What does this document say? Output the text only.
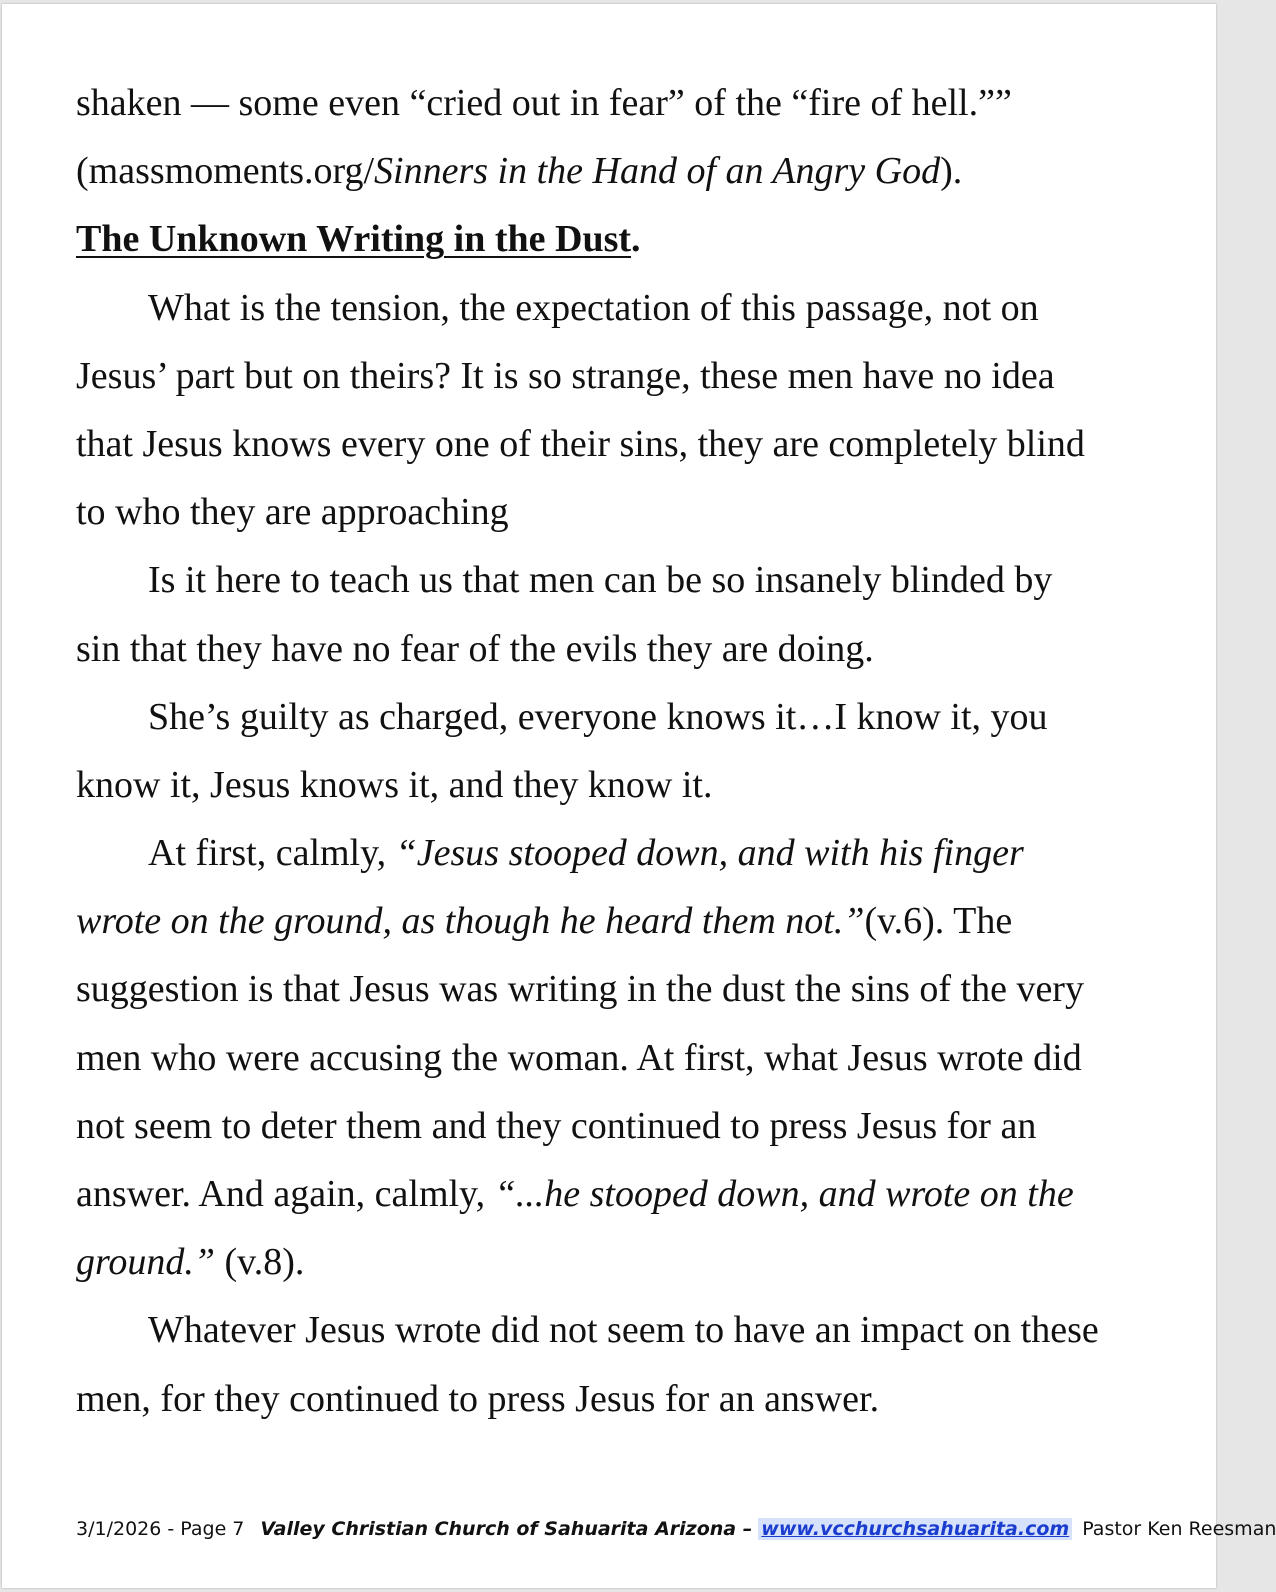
shaken — some even “cried out in fear” of the “fire of hell.””
(massmoments.org/Sinners in the Hand of an Angry God).
The Unknown Writing in the Dust.
What is the tension, the expectation of this passage, not on
Jesus’ part but on theirs? It is so strange, these men have no idea
that Jesus knows every one of their sins, they are completely blind
to who they are approaching
Is it here to teach us that men can be so insanely blinded by
sin that they have no fear of the evils they are doing.
She’s guilty as charged, everyone knows it…I know it, you
know it, Jesus knows it, and they know it.
At first, calmly, “Jesus stooped down, and with his finger
wrote on the ground, as though he heard them not.”(v.6). The
suggestion is that Jesus was writing in the dust the sins of the very
men who were accusing the woman. At first, what Jesus wrote did
not seem to deter them and they continued to press Jesus for an
answer. And again, calmly, “...he stooped down, and wrote on the
ground.” (v.8).
Whatever Jesus wrote did not seem to have an impact on these
men, for they continued to press Jesus for an answer.
3/1/2026 - Page 7 Valley Christian Church of Sahuarita Arizona – www.vcchurchsahuarita.com Pastor Ken Reesman
